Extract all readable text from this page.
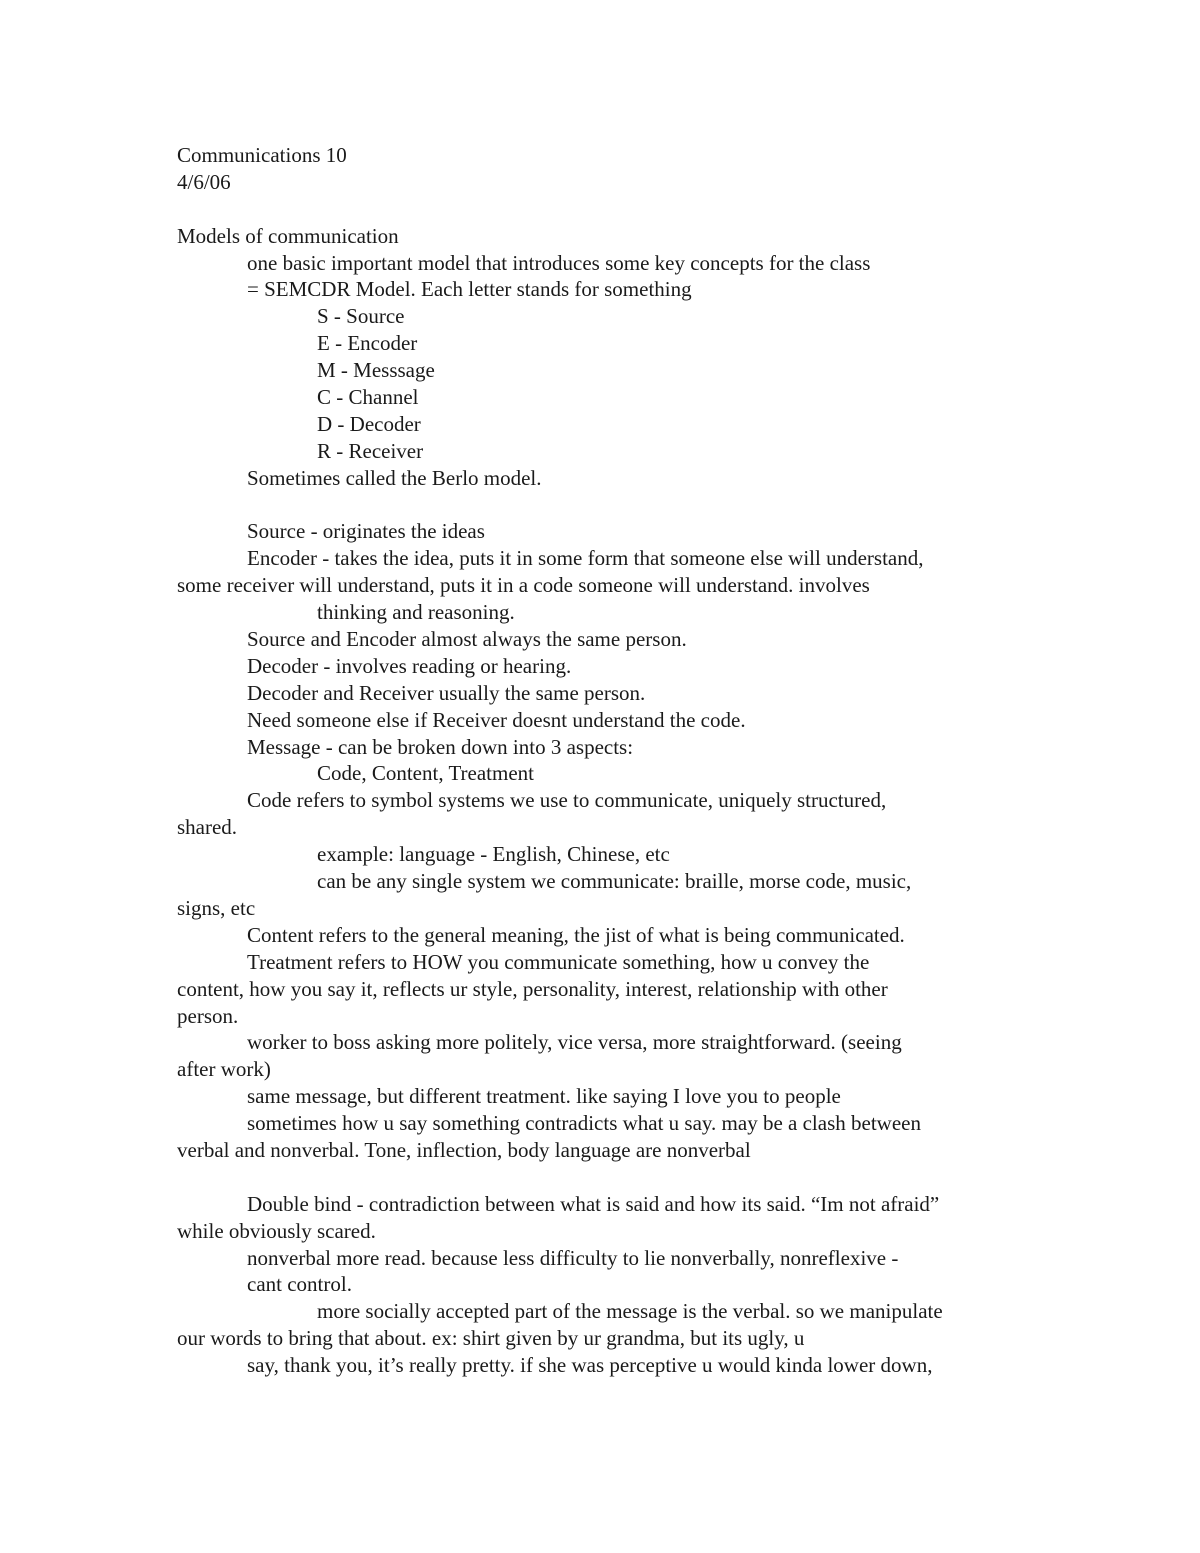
Communications 10
4/6/06
Models of communication
one basic important model that introduces some key concepts for the class
= SEMCDR Model. Each letter stands for something
S - Source
E - Encoder
M - Messsage
C - Channel
D - Decoder
R - Receiver
Sometimes called the Berlo model.
Source - originates the ideas
Encoder - takes the idea, puts it in some form that someone else will understand,
some receiver will understand, puts it in a code someone will understand. involves
thinking and reasoning.
Source and Encoder almost always the same person.
Decoder - involves reading or hearing.
Decoder and Receiver usually the same person.
Need someone else if Receiver doesnt understand the code.
Message - can be broken down into 3 aspects:
Code, Content, Treatment
Code refers to symbol systems we use to communicate, uniquely structured,
shared.
example: language - English, Chinese, etc
can be any single system we communicate: braille, morse code, music,
signs, etc
Content refers to the general meaning, the jist of what is being communicated.
Treatment refers to HOW you communicate something, how u convey the
content, how you say it, reflects ur style, personality, interest, relationship with other
person.
worker to boss asking more politely, vice versa, more straightforward. (seeing
after work)
same message, but different treatment. like saying I love you to people
sometimes how u say something contradicts what u say. may be a clash between
verbal and nonverbal. Tone, inflection, body language are nonverbal
Double bind - contradiction between what is said and how its said. “Im not afraid”
while obviously scared.
nonverbal more read. because less difficulty to lie nonverbally, nonreflexive -
cant control.
more socially accepted part of the message is the verbal. so we manipulate
our words to bring that about. ex: shirt given by ur grandma, but its ugly, u
say, thank you, it’s really pretty. if she was perceptive u would kinda lower down,
